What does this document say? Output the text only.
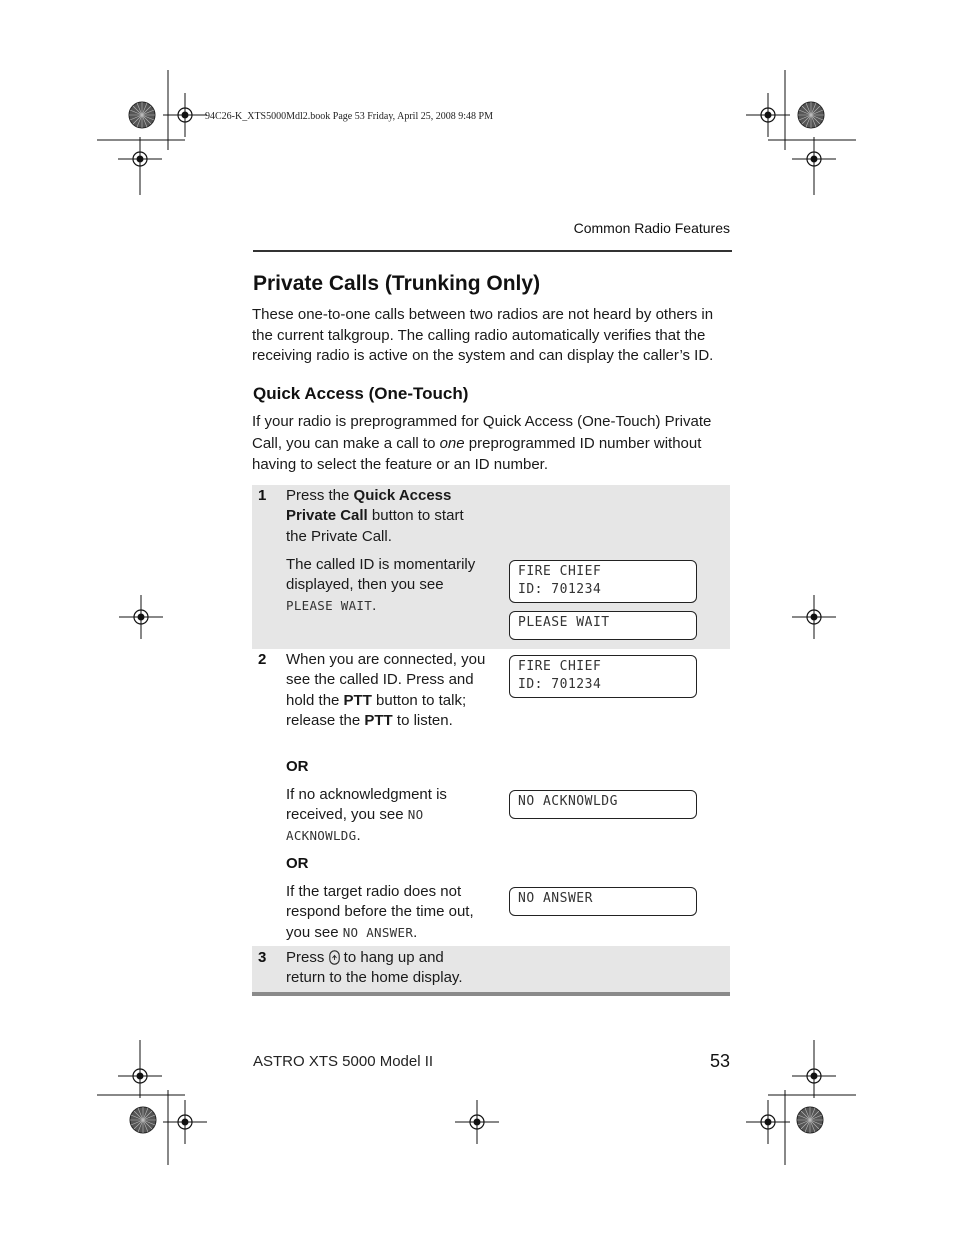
94C26-K_XTS5000Mdl2.book Page 53 Friday, April 25, 2008 9:48 PM
Common Radio Features
Private Calls (Trunking Only)
These one-to-one calls between two radios are not heard by others in the current talkgroup. The calling radio automatically verifies that the receiving radio is active on the system and can display the caller’s ID.
Quick Access (One-Touch)
If your radio is preprogrammed for Quick Access (One-Touch) Private Call, you can make a call to one preprogrammed ID number without having to select the feature or an ID number.
1 Press the Quick Access Private Call button to start the Private Call.
The called ID is momentarily displayed, then you see PLEASE WAIT.
FIRE CHIEF
ID: 701234
PLEASE WAIT
2 When you are connected, you see the called ID. Press and hold the PTT button to talk; release the PTT to listen.
FIRE CHIEF
ID: 701234
OR
If no acknowledgment is received, you see NO ACKNOWLDG.
NO ACKNOWLDG
OR
If the target radio does not respond before the time out, you see NO ANSWER.
NO ANSWER
3 Press  to hang up and return to the home display.
ASTRO XTS 5000 Model II	53
